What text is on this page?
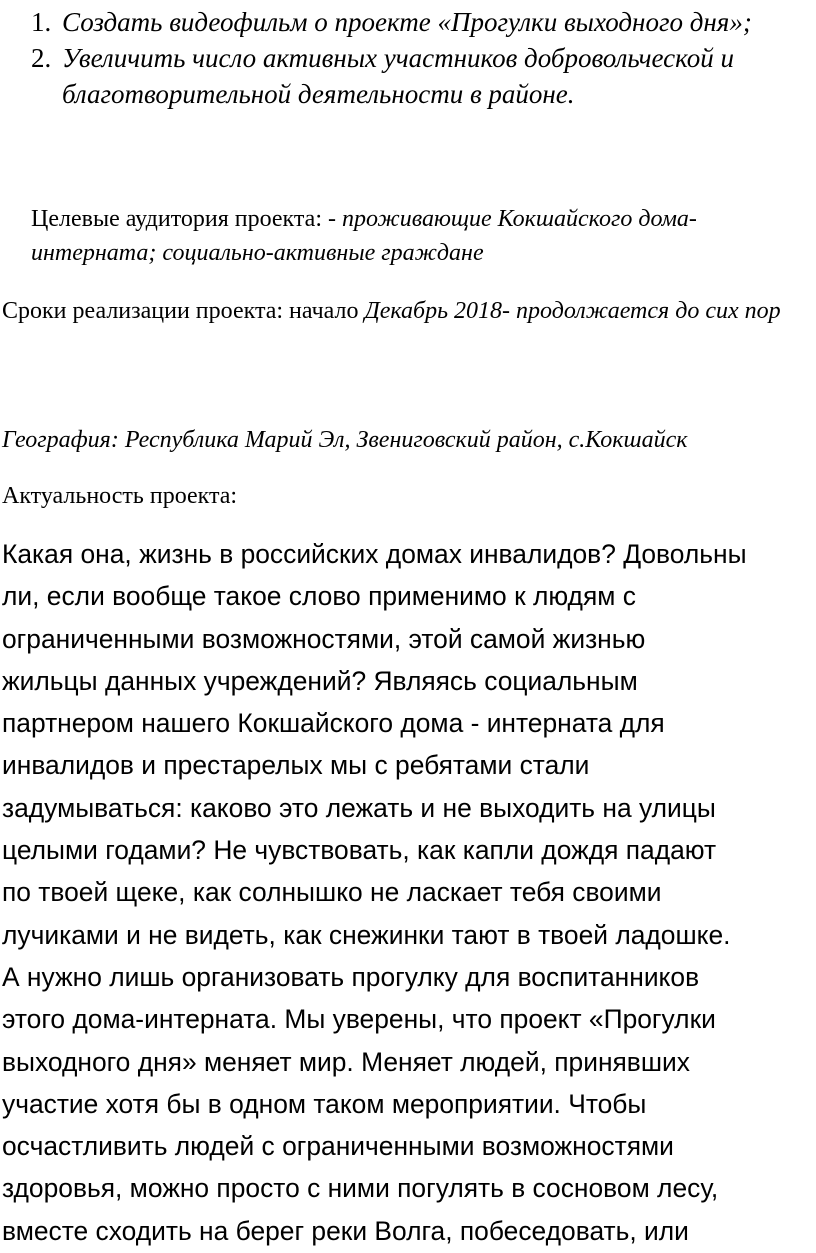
1. Создать видеофильм о проекте «Прогулки выходного дня»;
2. Увеличить число активных участников добровольческой и благотворительной деятельности в районе.

Целевые аудитория проекта: - проживающие Кокшайского дома-интерната; социально-активные граждане

Сроки реализации проекта: начало Декабрь 2018- продолжается до сих пор

География: Республика Марий Эл, Звениговский район, с.Кокшайск

Актуальность проекта:

Какая она, жизнь в российских домах инвалидов? Довольны
ли, если вообще такое слово применимо к людям с
ограниченными возможностями, этой самой жизнью
жильцы данных учреждений? Являясь социальным
партнером нашего Кокшайского дома - интерната для
инвалидов и престарелых мы с ребятами стали
задумываться: каково это лежать и не выходить на улицы
целыми годами? Не чувствовать, как капли дождя падают
по твоей щеке, как солнышко не ласкает тебя своими
лучиками и не видеть, как снежинки тают в твоей ладошке.
А нужно лишь организовать прогулку для воспитанников
этого дома-интерната. Мы уверены, что проект «Прогулки
выходного дня» меняет мир. Меняет людей, принявших
участие хотя бы в одном таком мероприятии. Чтобы
осчастливить людей с ограниченными возможностями
здоровья, можно просто с ними погулять в сосновом лесу,
вместе сходить на берег реки Волга, побеседовать, или
